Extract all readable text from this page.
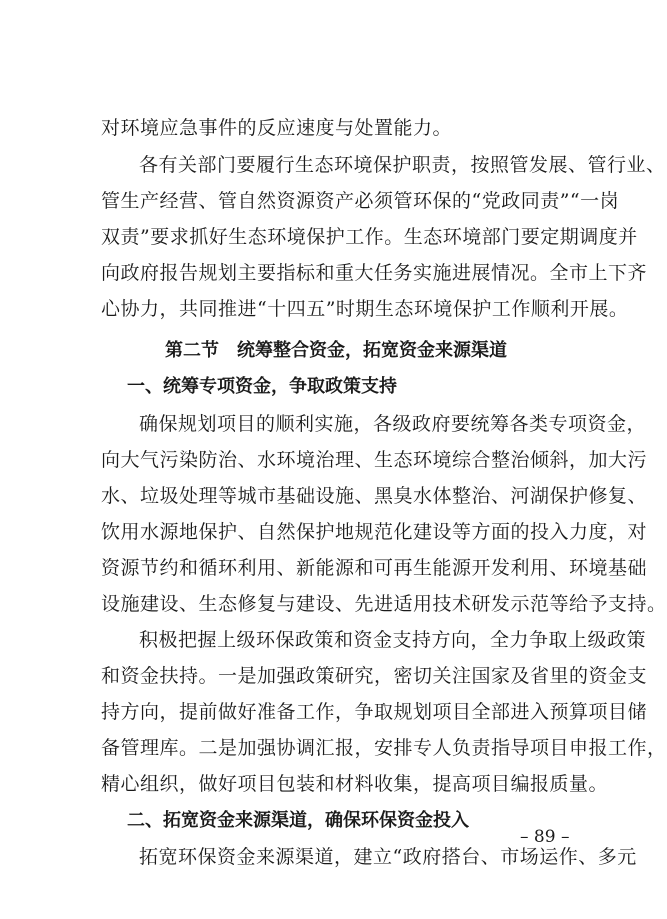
对环境应急事件的反应速度与处置能力。
各有关部门要履行生态环境保护职责，按照管发展、管行业、
管生产经营、管自然资源资产必须管环保的“党政同责”“一岗
双责”要求抓好生态环境保护工作。生态环境部门要定期调度并
向政府报告规划主要指标和重大任务实施进展情况。全市上下齐
心协力，共同推进“十四五”时期生态环境保护工作顺利开展。
第二节　统筹整合资金，拓宽资金来源渠道
一、统筹专项资金，争取政策支持
确保规划项目的顺利实施，各级政府要统筹各类专项资金，
向大气污染防治、水环境治理、生态环境综合整治倾斜，加大污
水、垃圾处理等城市基础设施、黑臭水体整治、河湖保护修复、
饮用水源地保护、自然保护地规范化建设等方面的投入力度，对
资源节约和循环利用、新能源和可再生能源开发利用、环境基础
设施建设、生态修复与建设、先进适用技术研发示范等给予支持。
积极把握上级环保政策和资金支持方向，全力争取上级政策
和资金扶持。一是加强政策研究，密切关注国家及省里的资金支
持方向，提前做好准备工作，争取规划项目全部进入预算项目储
备管理库。二是加强协调汇报，安排专人负责指导项目申报工作，
精心组织，做好项目包装和材料收集，提高项目编报质量。
二、拓宽资金来源渠道，确保环保资金投入
拓宽环保资金来源渠道，建立“政府搭台、市场运作、多元
– 89 –
